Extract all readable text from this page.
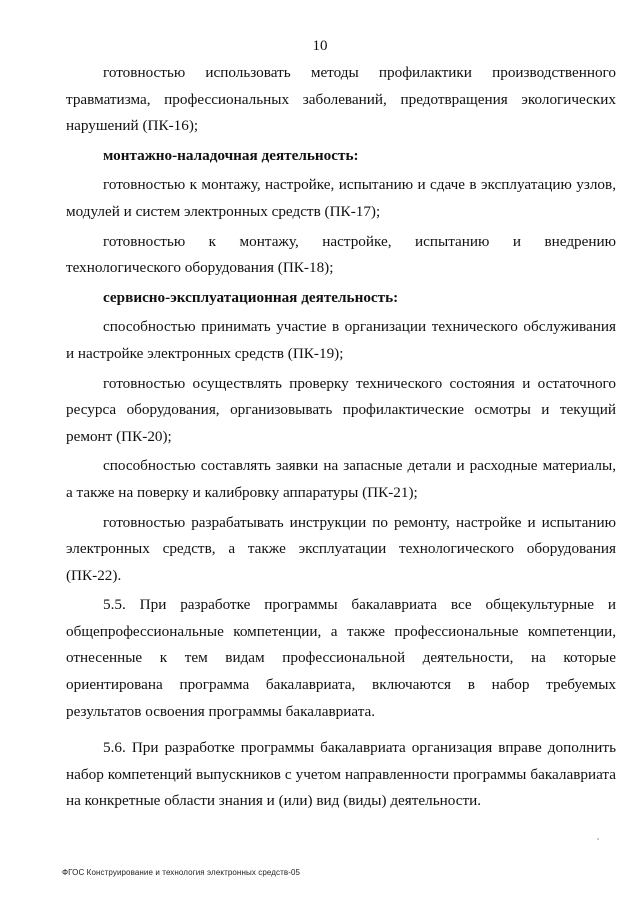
10

готовностью использовать методы профилактики производственного травматизма, профессиональных заболеваний, предотвращения экологических нарушений (ПК-16);

монтажно-наладочная деятельность:

готовностью к монтажу, настройке, испытанию и сдаче в эксплуатацию узлов, модулей и систем электронных средств (ПК-17);

готовностью к монтажу, настройке, испытанию и внедрению технологического оборудования (ПК-18);

сервисно-эксплуатационная деятельность:

способностью принимать участие в организации технического обслуживания и настройке электронных средств (ПК-19);

готовностью осуществлять проверку технического состояния и остаточного ресурса оборудования, организовывать профилактические осмотры и текущий ремонт (ПК-20);

способностью составлять заявки на запасные детали и расходные материалы, а также на поверку и калибровку аппаратуры (ПК-21);

готовностью разрабатывать инструкции по ремонту, настройке и испытанию электронных средств, а также эксплуатации технологического оборудования (ПК-22).

5.5. При разработке программы бакалавриата все общекультурные и общепрофессиональные компетенции, а также профессиональные компетенции, отнесенные к тем видам профессиональной деятельности, на которые ориентирована программа бакалавриата, включаются в набор требуемых результатов освоения программы бакалавриата.

5.6. При разработке программы бакалавриата организация вправе дополнить набор компетенций выпускников с учетом направленности программы бакалавриата на конкретные области знания и (или) вид (виды) деятельности.

ФГОС Конструирование и технология электронных средств-05
